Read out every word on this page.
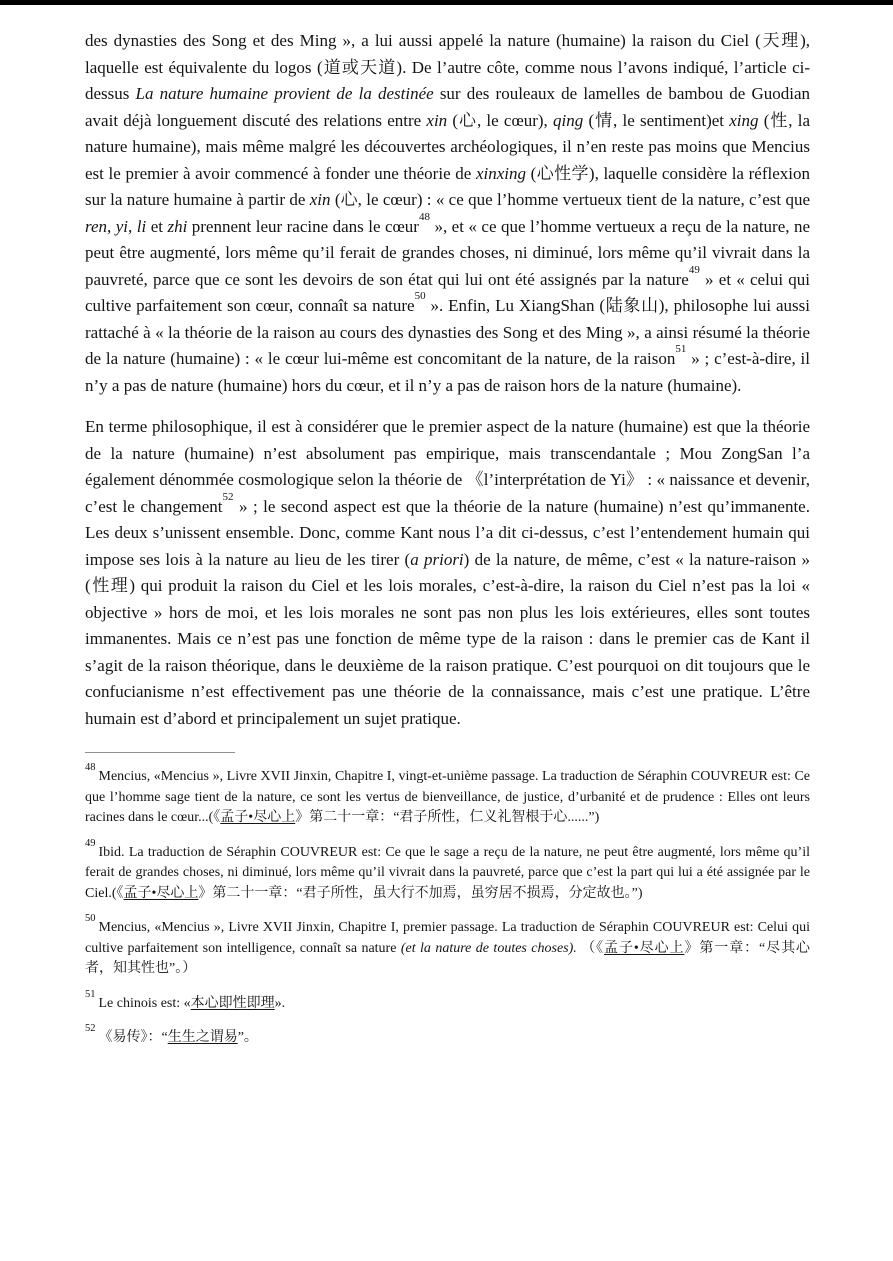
des dynasties des Song et des Ming », a lui aussi appelé la nature (humaine) la raison du Ciel (天理), laquelle est équivalente du logos (道或天道). De l’autre côte, comme nous l’avons indiqué, l’article ci-dessus La nature humaine provient de la destinée sur des rouleaux de lamelles de bambou de Guodian avait déjà longuement discuté des relations entre xin (心, le cœur), qing (情, le sentiment)et xing (性, la nature humaine), mais même malgré les découvertes archéologiques, il n’en reste pas moins que Mencius est le premier à avoir commencé à fonder une théorie de xinxing (心性学), laquelle considère la réflexion sur la nature humaine à partir de xin (心, le cœur) : « ce que l’homme vertueux tient de la nature, c’est que ren, yi, li et zhi prennent leur racine dans le cœur$^{48}$ », et « ce que l’homme vertueux a reçu de la nature, ne peut être augmenté, lors même qu’il ferait de grandes choses, ni diminué, lors même qu’il vivrait dans la pauvreté, parce que ce sont les devoirs de son état qui lui ont été assignés par la nature$^{49}$ » et « celui qui cultive parfaitement son cœur, connaît sa nature$^{50}$ ». Enfin, Lu XiangShan (陆象山), philosophe lui aussi rattaché à « la théorie de la raison au cours des dynasties des Song et des Ming », a ainsi résumé la théorie de la nature (humaine) : « le cœur lui-même est concomitant de la nature, de la raison$^{51}$ » ; c’est-à-dire, il n’y a pas de nature (humaine) hors du cœur, et il n’y a pas de raison hors de la nature (humaine).

En terme philosophique, il est à considérer que le premier aspect de la nature (humaine) est que la théorie de la nature (humaine) n’est absolument pas empirique, mais transcendantale ; Mou ZongSan l’a également dénommée cosmologique selon la théorie de 《l’interprétation de Yi》 : « naissance et devenir, c’est le changement$^{52}$ » ; le second aspect est que la théorie de la nature (humaine) n’est qu’immanente. Les deux s’unissent ensemble. Donc, comme Kant nous l’a dit ci-dessus, c’est l’entendement humain qui impose ses lois à la nature au lieu de les tirer (a priori) de la nature, de même, c’est « la nature-raison » (性理) qui produit la raison du Ciel et les lois morales, c’est-à-dire, la raison du Ciel n’est pas la loi « objective » hors de moi, et les lois morales ne sont pas non plus les lois extérieures, elles sont toutes immanentes. Mais ce n’est pas une fonction de même type de la raison : dans le premier cas de Kant il s’agit de la raison théorique, dans le deuxième de la raison pratique. C’est pourquoi on dit toujours que le confucianisme n’est effectivement pas une théorie de la connaissance, mais c’est une pratique. L’être humain est d’abord et principalement un sujet pratique.

$^{48}$Mencius, «Mencius », Livre XVII Jinxin, Chapitre I, vingt-et-unième passage. La traduction de Séraphin COUVREUR est: Ce que l’homme sage tient de la nature, ce sont les vertus de bienveillance, de justice, d’urbanité et de prudence : Elles ont leurs racines dans le cœur...(《孟子•尽心上》第二十一章：“君子所性，仁义礼智根于心......”)

$^{49}$Ibid. La traduction de Séraphin COUVREUR est: Ce que le sage a reçu de la nature, ne peut être augmenté, lors même qu’il ferait de grandes choses, ni diminué, lors même qu’il vivrait dans la pauvreté, parce que c’est la part qui lui a été assignée par le Ciel.(《孟子•尽心上》第二十一章：“君子所性，虽大行不加焉，虽穷居不损焉，分定故也。”)

$^{50}$Mencius, «Mencius », Livre XVII Jinxin, Chapitre I, premier passage. La traduction de Séraphin COUVREUR est: Celui qui cultive parfaitement son intelligence, connaît sa nature (et la nature de toutes choses). （《孟子•尽心上》第一章：“尽其心者，知其性也”。）

$^{51}$Le chinois est: «本心即性即理».

$^{52}$《易传》：“生生之谓易”。
